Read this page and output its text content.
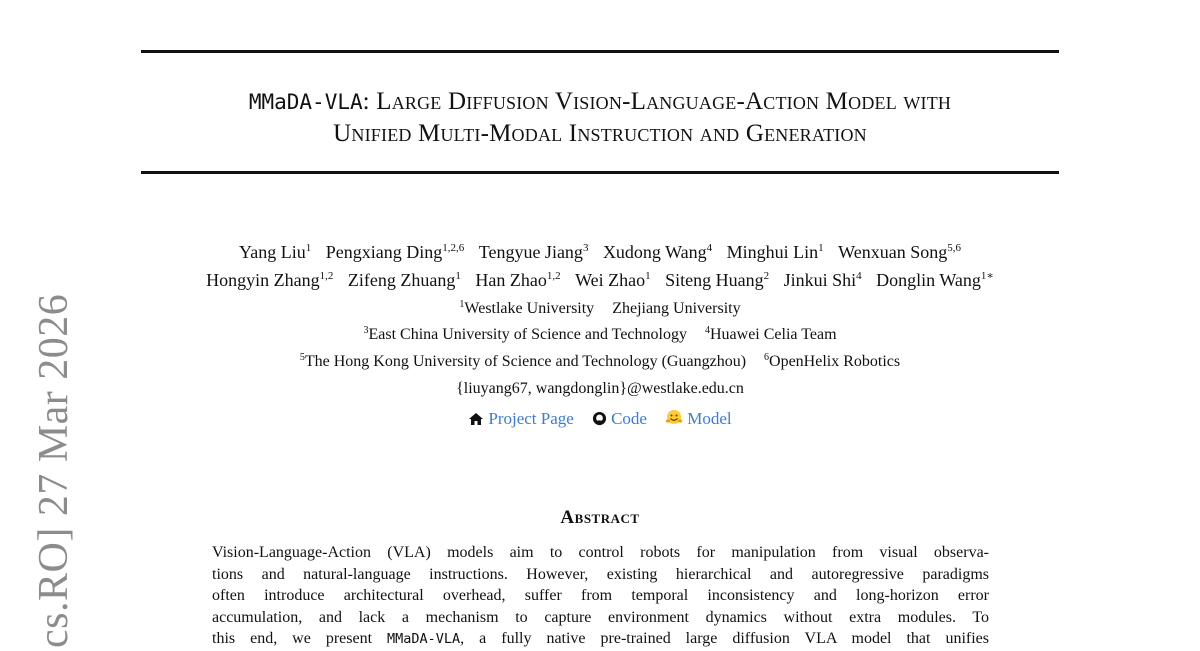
MMaDA-VLA: Large Diffusion Vision-Language-Action Model with
Unified Multi-Modal Instruction and Generation
Yang Liu$^1$ Pengxiang Ding$^{1,2,6}$ Tengyue Jiang$^3$ Xudong Wang$^4$ Minghui Lin$^1$ Wenxuan Song$^{5,6}$
Hongyin Zhang$^{1,2}$ Zifeng Zhuang$^1$ Han Zhao$^{1,2}$ Wei Zhao$^1$ Siteng Huang$^2$ Jinkui Shi$^4$ Donglin Wang$^{1∗}$
$^1$Westlake University Zhejiang University
$^3$East China University of Science and Technology $^4$Huawei Celia Team
$^5$The Hong Kong University of Science and Technology (Guangzhou) $^6$OpenHelix Robotics
{liuyang67, wangdonglin}@westlake.edu.cn
Project Page Code Model
Abstract
Vision-Language-Action (VLA) models aim to control robots for manipulation from visual observa-
tions and natural-language instructions. However, existing hierarchical and autoregressive paradigms
often introduce architectural overhead, suffer from temporal inconsistency and long-horizon error
accumulation, and lack a mechanism to capture environment dynamics without extra modules. To
this end, we present MMaDA-VLA, a fully native pre-trained large diffusion VLA model that unifies
cs.RO] 27 Mar 2026
